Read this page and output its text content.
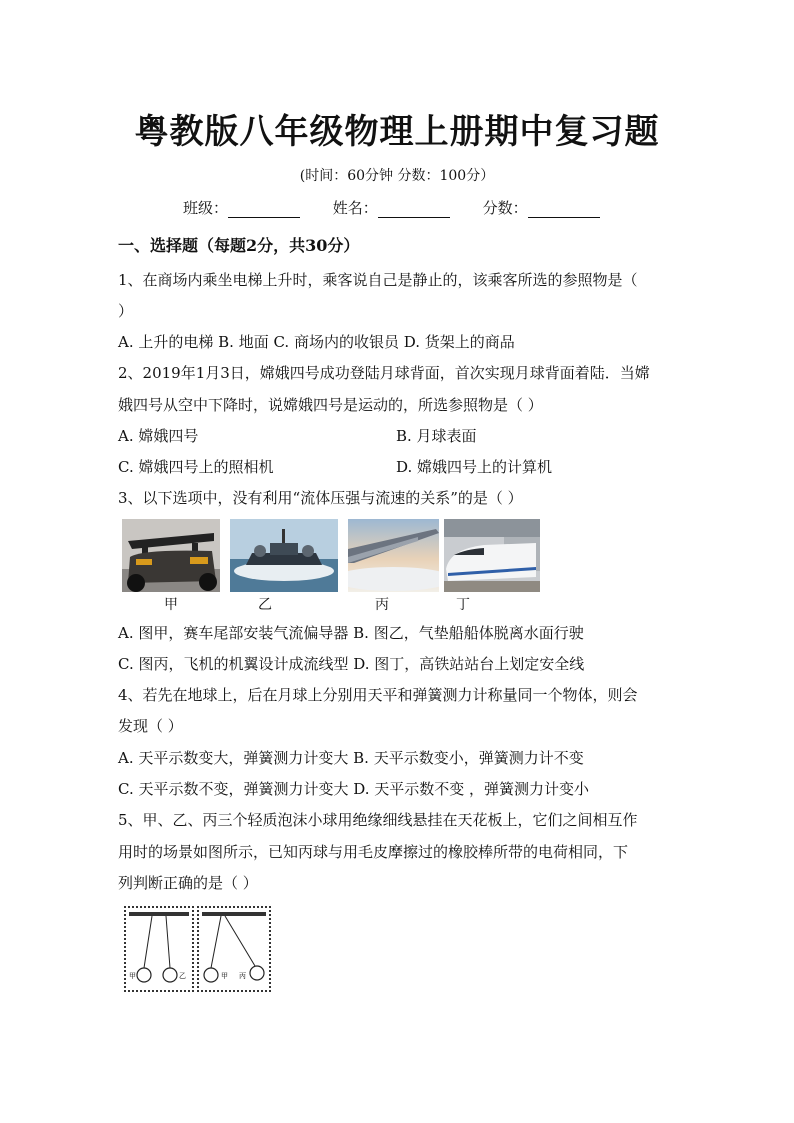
粤教版八年级物理上册期中复习题
(时间：60分钟 分数：100分）
班级：	姓名：	分数：
一、选择题（每题2分，共30分）
1、在商场内乘坐电梯上升时，乘客说自己是静止的，该乘客所选的参照物是（
）
A. 上升的电梯 B. 地面 C. 商场内的收银员 D. 货架上的商品
2、2019年1月3日，嫦娥四号成功登陆月球背面，首次实现月球背面着陆．当嫦
娥四号从空中下降时，说嫦娥四号是运动的，所选参照物是（ ）
A. 嫦娥四号	B. 月球表面
C. 嫦娥四号上的照相机	D. 嫦娥四号上的计算机
3、以下选项中，没有利用“流体压强与流速的关系”的是（ ）
甲	乙	丙	丁
A. 图甲，赛车尾部安装气流偏导器 B. 图乙，气垫船船体脱离水面行驶
C. 图丙，飞机的机翼设计成流线型 D. 图丁，高铁站站台上划定安全线
4、若先在地球上，后在月球上分别用天平和弹簧测力计称量同一个物体，则会
发现（ ）
A. 天平示数变大，弹簧测力计变大 B. 天平示数变小，弹簧测力计不变
C. 天平示数不变，弹簧测力计变大 D. 天平示数不变 ，弹簧测力计变小
5、甲、乙、丙三个轻质泡沫小球用绝缘细线悬挂在天花板上，它们之间相互作
用时的场景如图所示，已知丙球与用毛皮摩擦过的橡胶棒所带的电荷相同，下
列判断正确的是（ ）
甲	乙	甲 丙
